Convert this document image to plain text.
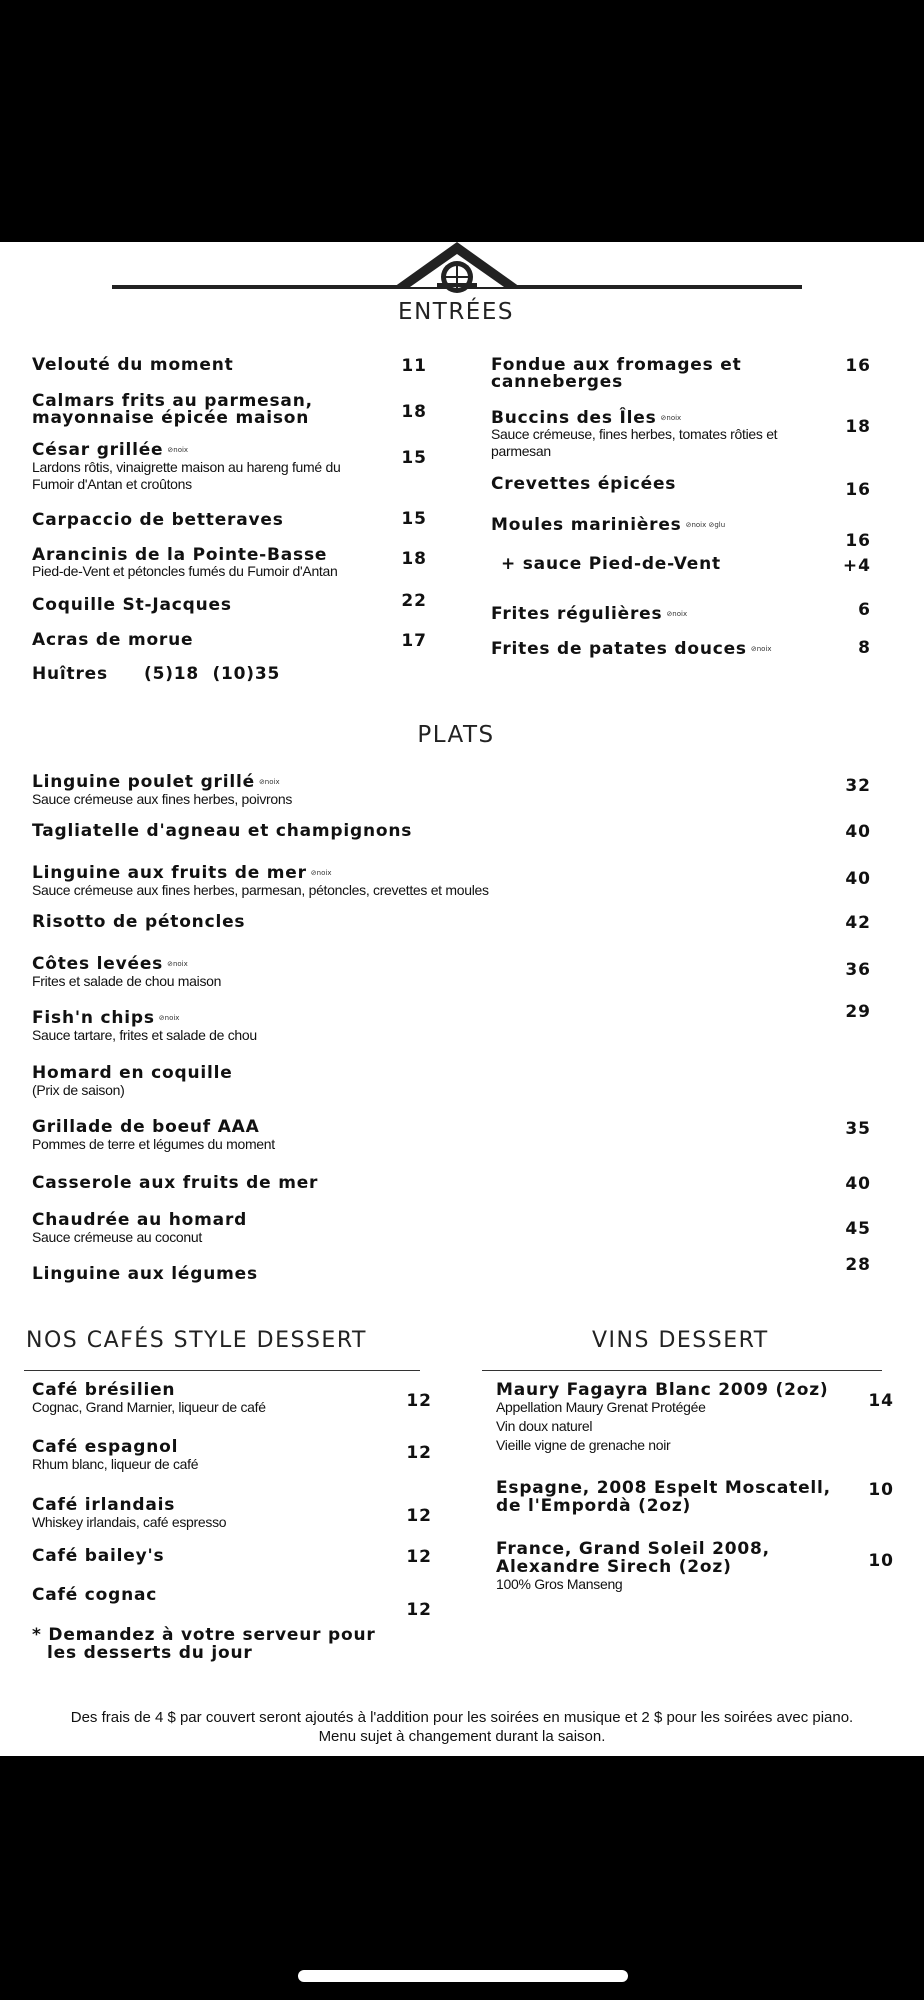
ENTRÉES
Velouté du moment	11
Calmars frits au parmesan,
mayonnaise épicée maison	18
César grillée ⊘noix
Lardons rôtis, vinaigrette maison au hareng fumé du
Fumoir d'Antan et croûtons
15
Carpaccio de betteraves	15
Arancinis de la Pointe-Basse
Pied-de-Vent et pétoncles fumés du Fumoir d'Antan
18
Coquille St-Jacques	22
Acras de morue	17
Huîtres (5)18  (10)35
Fondue aux fromages et
canneberges
16
Buccins des Îles ⊘noix
Sauce crémeuse, fines herbes, tomates rôties et
parmesan
18
Crevettes épicées	16
Moules marinières ⊘noix ⊘glu
16
+ sauce Pied-de-Vent	+4
Frites régulières ⊘noix	6
Frites de patates douces ⊘noix	8
PLATS
Linguine poulet grillé ⊘noix
Sauce crémeuse aux fines herbes, poivrons
32
Tagliatelle d'agneau et champignons	40
Linguine aux fruits de mer ⊘noix
Sauce crémeuse aux fines herbes, parmesan, pétoncles, crevettes et moules
40
Risotto de pétoncles	42
Côtes levées ⊘noix
Frites et salade de chou maison
36
Fish'n chips ⊘noix
Sauce tartare, frites et salade de chou
29
Homard en coquille
(Prix de saison)
Grillade de boeuf AAA
Pommes de terre et légumes du moment
35
Casserole aux fruits de mer	40
Chaudrée au homard
Sauce crémeuse au coconut	45
Linguine aux légumes	28
NOS CAFÉS STYLE DESSERT
Café brésilien
Cognac, Grand Marnier, liqueur de café	12
Café espagnol
Rhum blanc, liqueur de café
12
Café irlandais
Whiskey irlandais, café espresso	12
Café bailey's	12
Café cognac
12
* Demandez à votre serveur pour
les desserts du jour
VINS DESSERT
Maury Fagayra Blanc 2009 (2oz)
Appellation Maury Grenat Protégée
Vin doux naturel
Vieille vigne de grenache noir
14
Espagne, 2008 Espelt Moscatell,
de l'Empordà (2oz)
10
France, Grand Soleil 2008,
Alexandre Sirech (2oz)
100% Gros Manseng
10
Des frais de 4 $ par couvert seront ajoutés à l'addition pour les soirées en musique et 2 $ pour les soirées avec piano.
Menu sujet à changement durant la saison.
